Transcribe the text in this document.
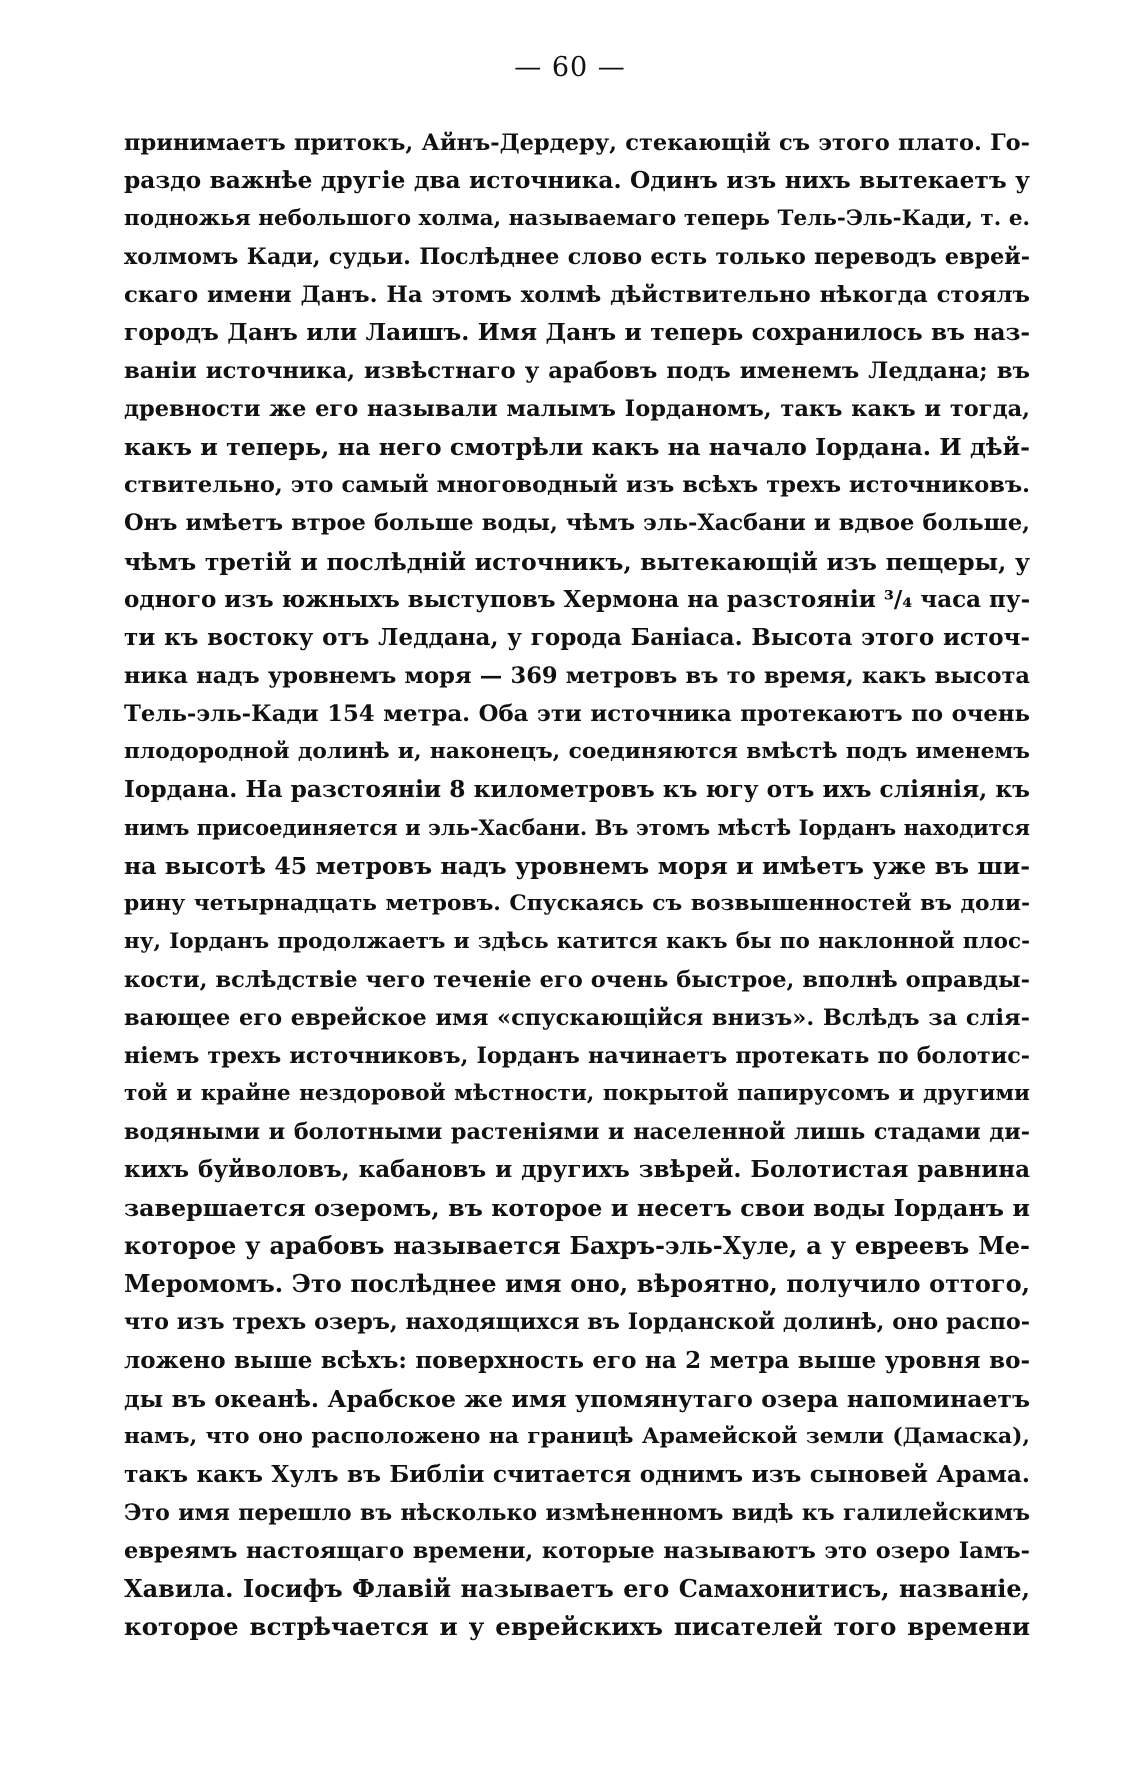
— 60 —
принимаетъ притокъ, Айнъ-Дердеру, стекающій съ этого плато. Го-
раздо важнѣе другіе два источника. Одинъ изъ нихъ вытекаетъ у
подножья небольшого холма, называемаго теперь Тель-Эль-Кади, т. е.
холмомъ Кади, судьи. Послѣднее слово есть только переводъ еврей-
скаго имени Данъ. На этомъ холмѣ дѣйствительно нѣкогда стоялъ
городъ Данъ или Лаишъ. Имя Данъ и теперь сохранилось въ наз-
ваніи источника, извѣстнаго у арабовъ подъ именемъ Леддана; въ
древности же его называли малымъ Іорданомъ, такъ какъ и тогда,
какъ и теперь, на него смотрѣли какъ на начало Іордана. И дѣй-
ствительно, это самый многоводный изъ всѣхъ трехъ источниковъ.
Онъ имѣетъ втрое больше воды, чѣмъ эль-Хасбани и вдвое больше,
чѣмъ третій и послѣдній источникъ, вытекающій изъ пещеры, у
одного изъ южныхъ выступовъ Хермона на разстояніи ³/₄ часа пу-
ти къ востоку отъ Леддана, у города Баніаса. Высота этого источ-
ника надъ уровнемъ моря — 369 метровъ въ то время, какъ высота
Тель-эль-Кади 154 метра. Оба эти источника протекаютъ по очень
плодородной долинѣ и, наконецъ, соединяются вмѣстѣ подъ именемъ
Іордана. На разстояніи 8 километровъ къ югу отъ ихъ сліянія, къ
нимъ присоединяется и эль-Хасбани. Въ этомъ мѣстѣ Іорданъ находится
на высотѣ 45 метровъ надъ уровнемъ моря и имѣетъ уже въ ши-
рину четырнадцать метровъ. Спускаясь съ возвышенностей въ доли-
ну, Іорданъ продолжаетъ и здѣсь катится какъ бы по наклонной плос-
кости, вслѣдствіе чего теченіе его очень быстрое, вполнѣ оправды-
вающее его еврейское имя «спускающійся внизъ». Вслѣдъ за слія-
ніемъ трехъ источниковъ, Іорданъ начинаетъ протекать по болотис-
той и крайне нездоровой мѣстности, покрытой папирусомъ и другими
водяными и болотными растеніями и населенной лишь стадами ди-
кихъ буйволовъ, кабановъ и другихъ звѣрей. Болотистая равнина
завершается озеромъ, въ которое и несетъ свои воды Іорданъ и
которое у арабовъ называется Бахръ-эль-Хуле, а у евреевъ Ме-
Меромомъ. Это послѣднее имя оно, вѣроятно, получило оттого,
что изъ трехъ озеръ, находящихся въ Іорданской долинѣ, оно распо-
ложено выше всѣхъ: поверхность его на 2 метра выше уровня во-
ды въ океанѣ. Арабское же имя упомянутаго озера напоминаетъ
намъ, что оно расположено на границѣ Арамейской земли (Дамаска),
такъ какъ Хулъ въ Библіи считается однимъ изъ сыновей Арама.
Это имя перешло въ нѣсколько измѣненномъ видѣ къ галилейскимъ
евреямъ настоящаго времени, которые называютъ это озеро Іамъ-
Хавила. Іосифъ Флавій называетъ его Самахонитисъ, названіе,
которое встрѣчается и у еврейскихъ писателей того времени
